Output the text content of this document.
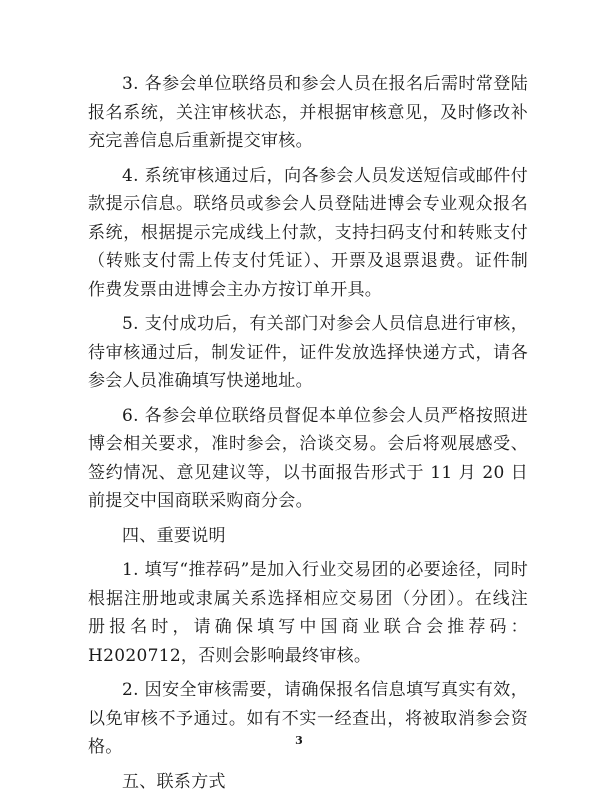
3. 各参会单位联络员和参会人员在报名后需时常登陆报名系统，关注审核状态，并根据审核意见，及时修改补充完善信息后重新提交审核。

4. 系统审核通过后，向各参会人员发送短信或邮件付款提示信息。联络员或参会人员登陆进博会专业观众报名系统，根据提示完成线上付款，支持扫码支付和转账支付（转账支付需上传支付凭证）、开票及退票退费。证件制作费发票由进博会主办方按订单开具。

5. 支付成功后，有关部门对参会人员信息进行审核，待审核通过后，制发证件，证件发放选择快递方式，请各参会人员准确填写快递地址。

6. 各参会单位联络员督促本单位参会人员严格按照进博会相关要求，准时参会，洽谈交易。会后将观展感受、签约情况、意见建议等，以书面报告形式于 11 月 20 日前提交中国商联采购商分会。

四、重要说明

1. 填写“推荐码”是加入行业交易团的必要途径，同时根据注册地或隶属关系选择相应交易团（分团）。在线注册报名时，请确保填写中国商业联合会推荐码：H2020712，否则会影响最终审核。

2. 因安全审核需要，请确保报名信息填写真实有效，以免审核不予通过。如有不实一经查出，将被取消参会资格。

五、联系方式

3
